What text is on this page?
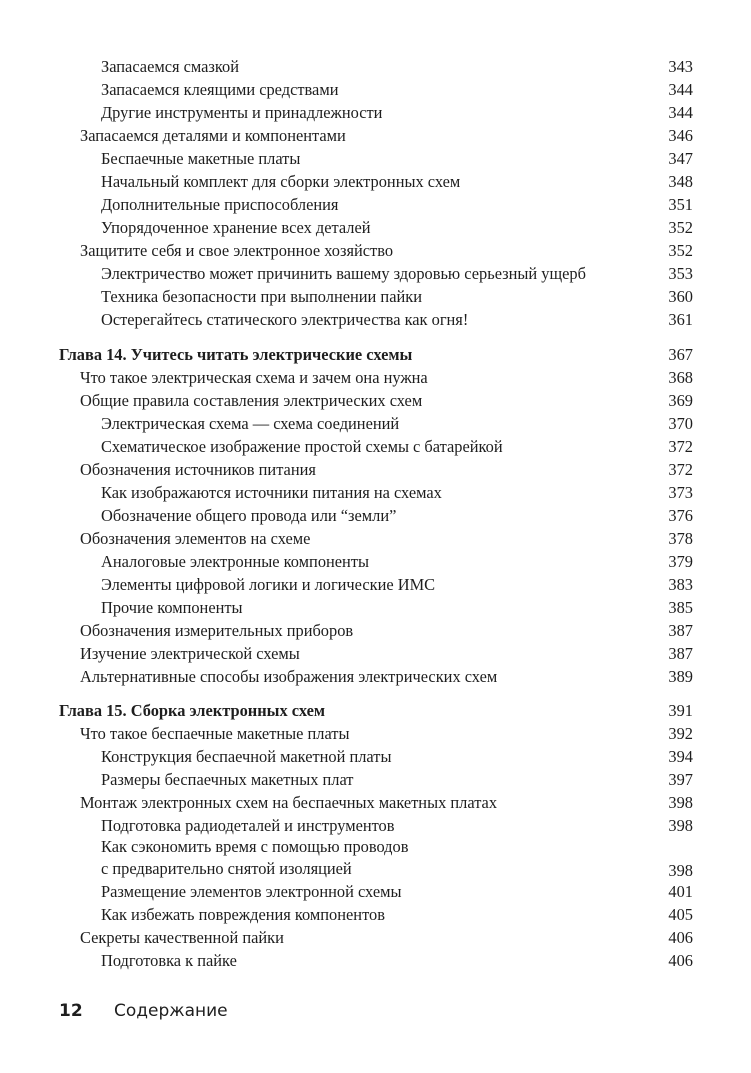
Запасаемся смазкой	343
Запасаемся клеящими средствами	344
Другие инструменты и принадлежности	344
Запасаемся деталями и компонентами	346
Беспаечные макетные платы	347
Начальный комплект для сборки электронных схем	348
Дополнительные приспособления	351
Упорядоченное хранение всех деталей	352
Защитите себя и свое электронное хозяйство	352
Электричество может причинить вашему здоровью серьезный ущерб	353
Техника безопасности при выполнении пайки	360
Остерегайтесь статического электричества как огня!	361
Глава 14. Учитесь читать электрические схемы	367
Что такое электрическая схема и зачем она нужна	368
Общие правила составления электрических схем	369
Электрическая схема — схема соединений	370
Схематическое изображение простой схемы с батарейкой	372
Обозначения источников питания	372
Как изображаются источники питания на схемах	373
Обозначение общего провода или “земли”	376
Обозначения элементов на схеме	378
Аналоговые электронные компоненты	379
Элементы цифровой логики и логические ИМС	383
Прочие компоненты	385
Обозначения измерительных приборов	387
Изучение электрической схемы	387
Альтернативные способы изображения электрических схем	389
Глава 15. Сборка электронных схем	391
Что такое беспаечные макетные платы	392
Конструкция беспаечной макетной платы	394
Размеры беспаечных макетных плат	397
Монтаж электронных схем на беспаечных макетных платах	398
Подготовка радиодеталей и инструментов	398
Как сэкономить время с помощью проводов
с предварительно снятой изоляцией	398
Размещение элементов электронной схемы	401
Как избежать повреждения компонентов	405
Секреты качественной пайки	406
Подготовка к пайке	406
12 Содержание
